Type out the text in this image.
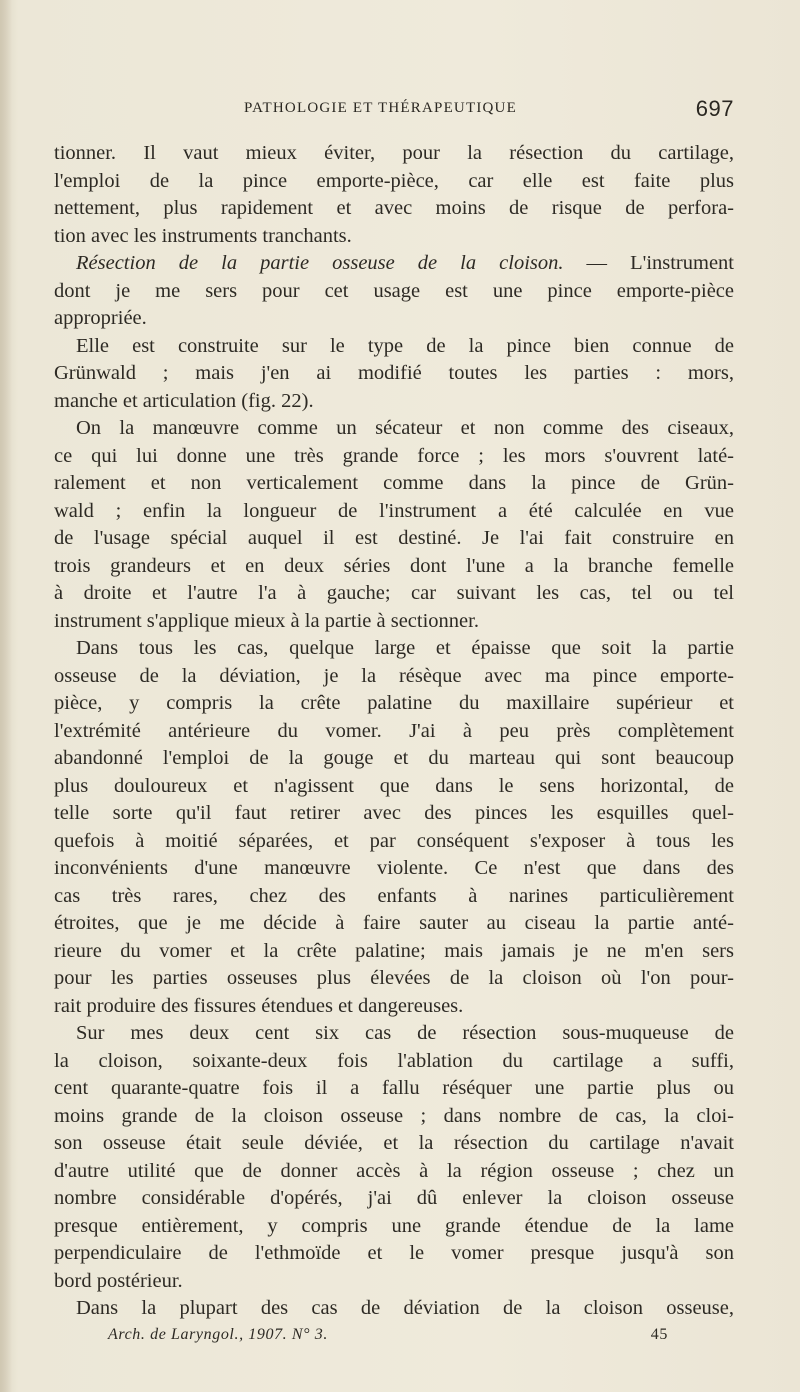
PATHOLOGIE ET THÉRAPEUTIQUE	697
tionner. Il vaut mieux éviter, pour la résection du cartilage,
l'emploi de la pince emporte-pièce, car elle est faite plus
nettement, plus rapidement et avec moins de risque de perfora-
tion avec les instruments tranchants.
Résection de la partie osseuse de la cloison. — L'instrument
dont je me sers pour cet usage est une pince emporte-pièce
appropriée.
Elle est construite sur le type de la pince bien connue de
Grünwald ; mais j'en ai modifié toutes les parties : mors,
manche et articulation (fig. 22).
On la manœuvre comme un sécateur et non comme des ciseaux,
ce qui lui donne une très grande force ; les mors s'ouvrent laté-
ralement et non verticalement comme dans la pince de Grün-
wald ; enfin la longueur de l'instrument a été calculée en vue
de l'usage spécial auquel il est destiné. Je l'ai fait construire en
trois grandeurs et en deux séries dont l'une a la branche femelle
à droite et l'autre l'a à gauche; car suivant les cas, tel ou tel
instrument s'applique mieux à la partie à sectionner.
Dans tous les cas, quelque large et épaisse que soit la partie
osseuse de la déviation, je la résèque avec ma pince emporte-
pièce, y compris la crête palatine du maxillaire supérieur et
l'extrémité antérieure du vomer. J'ai à peu près complètement
abandonné l'emploi de la gouge et du marteau qui sont beaucoup
plus douloureux et n'agissent que dans le sens horizontal, de
telle sorte qu'il faut retirer avec des pinces les esquilles quel-
quefois à moitié séparées, et par conséquent s'exposer à tous les
inconvénients d'une manœuvre violente. Ce n'est que dans des
cas très rares, chez des enfants à narines particulièrement
étroites, que je me décide à faire sauter au ciseau la partie anté-
rieure du vomer et la crête palatine; mais jamais je ne m'en sers
pour les parties osseuses plus élevées de la cloison où l'on pour-
rait produire des fissures étendues et dangereuses.
Sur mes deux cent six cas de résection sous-muqueuse de
la cloison, soixante-deux fois l'ablation du cartilage a suffi,
cent quarante-quatre fois il a fallu réséquer une partie plus ou
moins grande de la cloison osseuse ; dans nombre de cas, la cloi-
son osseuse était seule déviée, et la résection du cartilage n'avait
d'autre utilité que de donner accès à la région osseuse ; chez un
nombre considérable d'opérés, j'ai dû enlever la cloison osseuse
presque entièrement, y compris une grande étendue de la lame
perpendiculaire de l'ethmoïde et le vomer presque jusqu'à son
bord postérieur.
Dans la plupart des cas de déviation de la cloison osseuse,
Arch. de Laryngol., 1907. N° 3.	45
